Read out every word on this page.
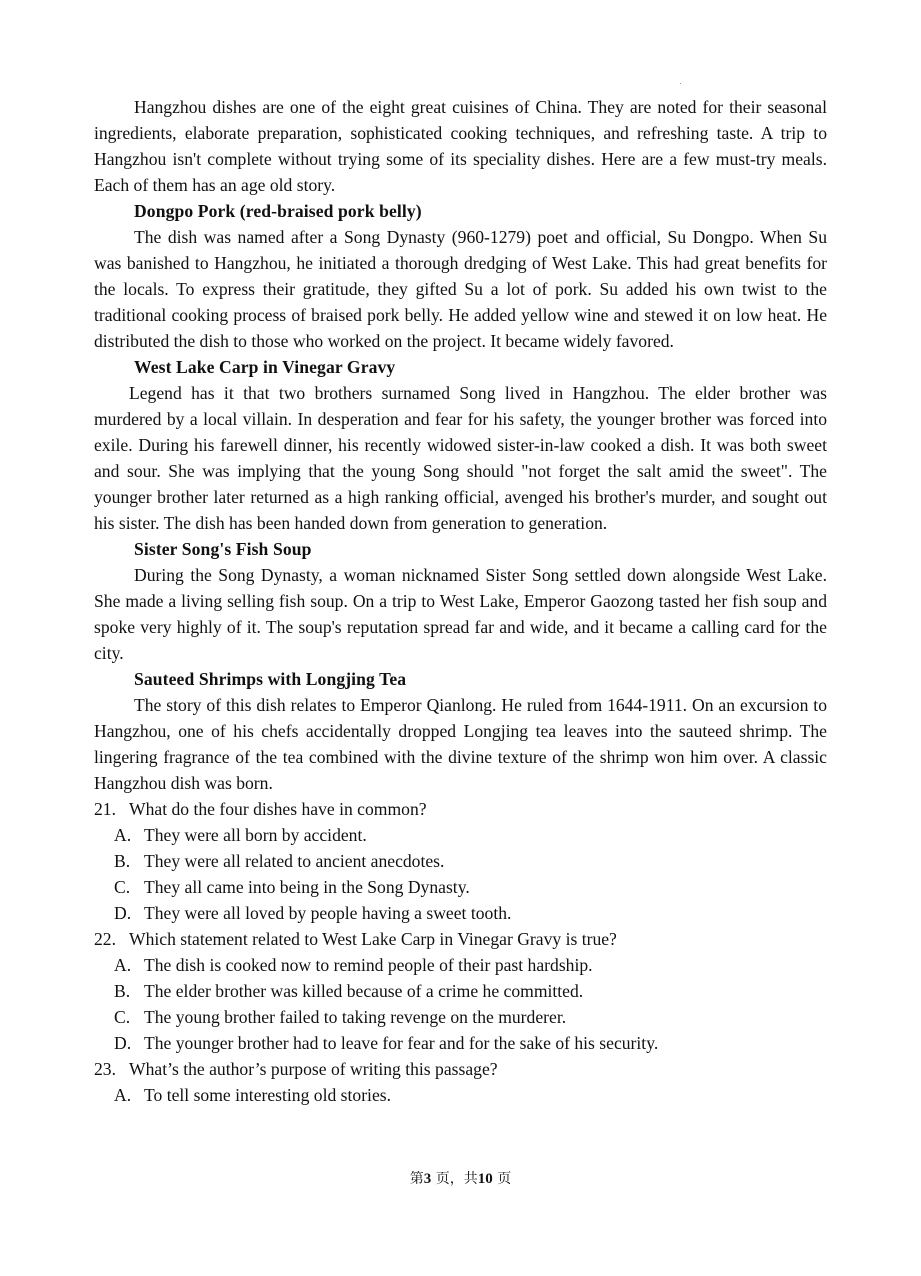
Hangzhou dishes are one of the eight great cuisines of China. They are noted for their seasonal ingredients, elaborate preparation, sophisticated cooking techniques, and refreshing taste. A trip to Hangzhou isn't complete without trying some of its speciality dishes. Here are a few must-try meals. Each of them has an age old story.

Dongpo Pork (red-braised pork belly)

The dish was named after a Song Dynasty (960-1279) poet and official, Su Dongpo. When Su was banished to Hangzhou, he initiated a thorough dredging of West Lake. This had great benefits for the locals. To express their gratitude, they gifted Su a lot of pork. Su added his own twist to the traditional cooking process of braised pork belly. He added yellow wine and stewed it on low heat. He distributed the dish to those who worked on the project. It became widely favored.

West Lake Carp in Vinegar Gravy

Legend has it that two brothers surnamed Song lived in Hangzhou. The elder brother was murdered by a local villain. In desperation and fear for his safety, the younger brother was forced into exile. During his farewell dinner, his recently widowed sister-in-law cooked a dish. It was both sweet and sour. She was implying that the young Song should "not forget the salt amid the sweet". The younger brother later returned as a high ranking official, avenged his brother's murder, and sought out his sister. The dish has been handed down from generation to generation.

Sister Song's Fish Soup

During the Song Dynasty, a woman nicknamed Sister Song settled down alongside West Lake. She made a living selling fish soup. On a trip to West Lake, Emperor Gaozong tasted her fish soup and spoke very highly of it. The soup's reputation spread far and wide, and it became a calling card for the city.

Sauteed Shrimps with Longjing Tea

The story of this dish relates to Emperor Qianlong. He ruled from 1644-1911. On an excursion to Hangzhou, one of his chefs accidentally dropped Longjing tea leaves into the sauteed shrimp. The lingering fragrance of the tea combined with the divine texture of the shrimp won him over. A classic Hangzhou dish was born.

21. What do the four dishes have in common?
A. They were all born by accident.
B. They were all related to ancient anecdotes.
C. They all came into being in the Song Dynasty.
D. They were all loved by people having a sweet tooth.
22. Which statement related to West Lake Carp in Vinegar Gravy is true?
A. The dish is cooked now to remind people of their past hardship.
B. The elder brother was killed because of a crime he committed.
C. The young brother failed to taking revenge on the murderer.
D. The younger brother had to leave for fear and for the sake of his security.
23. What’s the author’s purpose of writing this passage?
A. To tell some interesting old stories.
第3 页，共10 页
